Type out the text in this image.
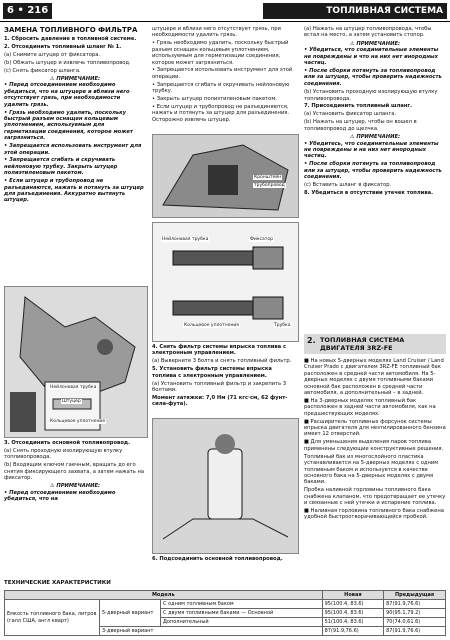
6 • 216	ТОПЛИВНАЯ СИСТЕМА
ЗАМЕНА ТОПЛИВНОГО ФИЛЬТРА

1. Сбросить давление в топливной системе.

2. Отсоединить топливный шланг № 1.

(a) Снимите штуцер от фиксатора.

(b) Обжать штуцер и извлечь топливопровод.

(c) Снять фиксатор шланга.

⚠ ПРИМЕЧАНИЕ:

• Перед отсоединением необходимо убедиться, что на штуцере и вблизи него отсутствует грязь, при необходимости удалить грязь.

• Грязь необходимо удалить, поскольку быстрый разъем оснащен кольцевым уплотнением, используемым для герметизации соединения, которое может загрязниться.

• Запрещается использовать инструмент для этой операции.

• Запрещается сгибать и скручивать нейлоновую трубку. Закрыть штуцер полиэтиленовым пакетом.

• Если штуцер и трубопровод не разъединяются, нажать и потянуть за штуцер для разъединения. Аккуратно вытянуть штуцер.

Нейлоновая трубка
Штуцер
Кольцевое уплотнение

3. Отсоединить основной топливопровод.

(а) Снять проходную изолирующую втулку топливопровода.

(b) Входящим ключом гаечным, вращать до его снятия фиксирующего захвата, а затем нажать на фиксатор.

⚠ ПРИМЕЧАНИЕ:

• Перед отсоединением необходимо убедиться, что на

штуцере и вблизи него отсутствует грязь, при необходимости удалить грязь.

• Грязь необходимо удалить, поскольку быстрый разъем оснащен кольцевым уплотнением, используемым для герметизации соединения, которое может загрязниться.

• Запрещается использовать инструмент для этой операции.

• Запрещается сгибать и скручивать нейлоновую трубку.

• Закрыть штуцер полиэтиленовым пакетом.

• Если штуцер и трубопровод не разъединяются, нажать и потянуть за штуцер для разъединения. Осторожно извлечь штуцер.

Кронштейн
трубопровод
Нейлоновая трубка	Фиксатор
Кольцевое уплотнение	Трубка

4. Снять фильтр системы впрыска топлива с электронным управлением.

(а) Выверните 3 болта и снять топливный фильтр.

5. Установить фильтр системы впрыска топлива с электронным управлением.

(а) Установить топливный фильтр и закрепить 3 болтами.

Момент затяжки: 7,0 Нм (71 кгс·см, 62 фунт-сила-фута).

6. Подсоединить основной топливопровод.

(а) Нажать на штуцер топливопровода, чтобы встал на место, а затем установить стопор.

⚠ ПРИМЕЧАНИЕ:

• Убедиться, что соединительные элементы не повреждены и что на них нет инородных частиц.

• После сборки потянуть за топливопровод или за штуцер, чтобы проверить надежность соединения.

(b) Установить проходную изолирующую втулку топливопровода.

7. Присоединить топливный шланг.

(a) Установить фиксатор шланга.

(b) Нажать на штуцер, чтобы он вошел в топливопровод до щелчка.

⚠ ПРИМЕЧАНИЕ:

• Убедитесь, что соединительные элементы не повреждены и на них нет инородных частиц.

• После сборки потянуть за топливопровод или за штуцер, чтобы проверить надежность соединения.

(c) Вставить шланг в фиксатор.

8. Убедиться в отсутствии утечек топлива.

2. ТОПЛИВНАЯ СИСТЕМА ДВИГАТЕЛЯ 3RZ-FE

■ На новых 5-дверных моделях Land Cruiser / Land Cruiser Prado с двигателем 3RZ-FE топливный бак расположен в средней части автомобиля. На 5-дверных моделях с двумя топливными баками основной бак расположен в средней части автомобиля, а дополнительный – в задней.

■ На 3-дверных моделях топливный бак расположен в задней части автомобиля, как на предшествующих моделях.

■ Расширитель топливных форсунок системы впрыска двигателя для неэтилированного бензина имеет 12 отверстий.

■ Для уменьшения выделения паров топлива применены следующие конструктивные решения.

Топливный бак из многослойного пластика устанавливается на 5-дверных моделях с одним топливным баком и используется в качестве основного бака на 5-дверных моделях с двумя баками.

Пробка наливной горловины топливного бака снабжена клапаном, что предотвращает ее утечку и связанные с ней утечки и испарение топлива.

■ Наливная горловина топливного бака снабжена удобной быстроотворачивающейся пробкой.

ТЕХНИЧЕСКИЕ ХАРАКТЕРИСТИКИ
Модель			Новая	Предыдущая
Емкость топливного бака, литров (галл США, англ кварт)	5-дверный вариант	С одним топливным баком	95(100.4, 83.6)	87(91.9,76.6)
		С двумя топливными баками — Основной	95(100.4, 83.6)	90(95.1,79.2)
		Дополнительный	51(100.4, 83.6)	70(74.0,61.6)
	3-дверный вариант		87(91.9,76.6)	87(91.9,76.6)
